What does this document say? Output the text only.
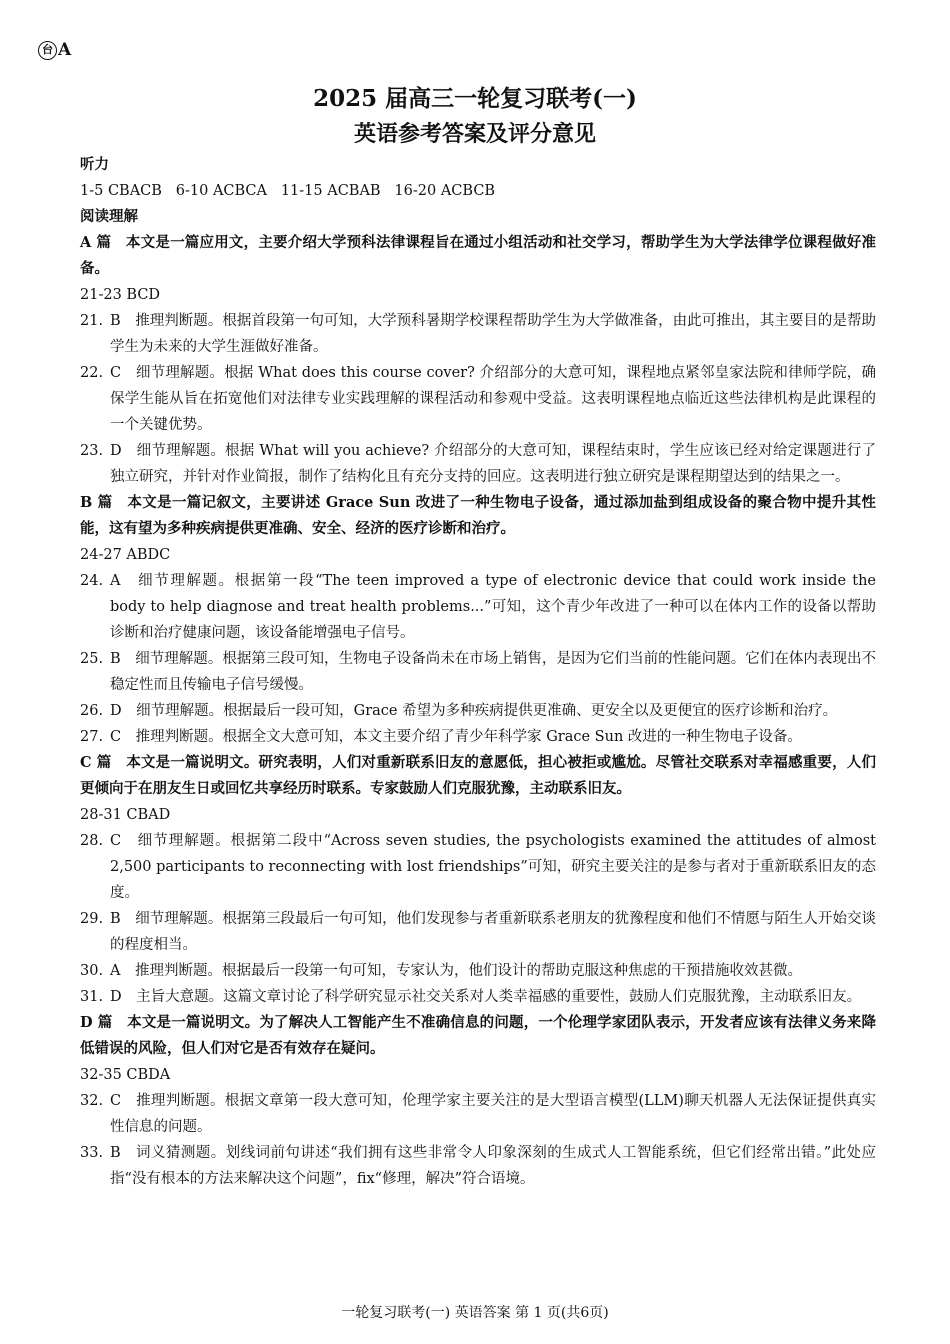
台 A
2025 届高三一轮复习联考(一)
英语参考答案及评分意见
听力
1-5 CBACB   6-10 ACBCA   11-15 ACBAB   16-20 ACBCB
阅读理解
A 篇　本文是一篇应用文，主要介绍大学预科法律课程旨在通过小组活动和社交学习，帮助学生为大学法律学位课程做好准备。
21-23 BCD
21. B　推理判断题。根据首段第一句可知，大学预科暑期学校课程帮助学生为大学做准备，由此可推出，其主要目的是帮助学生为未来的大学生涯做好准备。
22. C　细节理解题。根据 What does this course cover? 介绍部分的大意可知，课程地点紧邻皇家法院和律师学院，确保学生能从旨在拓宽他们对法律专业实践理解的课程活动和参观中受益。这表明课程地点临近这些法律机构是此课程的一个关键优势。
23. D　细节理解题。根据 What will you achieve? 介绍部分的大意可知，课程结束时，学生应该已经对给定课题进行了独立研究，并针对作业简报，制作了结构化且有充分支持的回应。这表明进行独立研究是课程期望达到的结果之一。
B 篇　本文是一篇记叙文，主要讲述 Grace Sun 改进了一种生物电子设备，通过添加盐到组成设备的聚合物中提升其性能，这有望为多种疾病提供更准确、安全、经济的医疗诊断和治疗。
24-27 ABDC
24. A　细节理解题。根据第一段“The teen improved a type of electronic device that could work inside the body to help diagnose and treat health problems...”可知，这个青少年改进了一种可以在体内工作的设备以帮助诊断和治疗健康问题，该设备能增强电子信号。
25. B　细节理解题。根据第三段可知，生物电子设备尚未在市场上销售，是因为它们当前的性能问题。它们在体内表现出不稳定性而且传输电子信号缓慢。
26. D　细节理解题。根据最后一段可知，Grace 希望为多种疾病提供更准确、更安全以及更便宜的医疗诊断和治疗。
27. C　推理判断题。根据全文大意可知，本文主要介绍了青少年科学家 Grace Sun 改进的一种生物电子设备。
C 篇　本文是一篇说明文。研究表明，人们对重新联系旧友的意愿低，担心被拒或尴尬。尽管社交联系对幸福感重要，人们更倾向于在朋友生日或回忆共享经历时联系。专家鼓励人们克服犹豫，主动联系旧友。
28-31 CBAD
28. C　细节理解题。根据第二段中“Across seven studies, the psychologists examined the attitudes of almost 2,500 participants to reconnecting with lost friendships”可知，研究主要关注的是参与者对于重新联系旧友的态度。
29. B　细节理解题。根据第三段最后一句可知，他们发现参与者重新联系老朋友的犹豫程度和他们不情愿与陌生人开始交谈的程度相当。
30. A　推理判断题。根据最后一段第一句可知，专家认为，他们设计的帮助克服这种焦虑的干预措施收效甚微。
31. D　主旨大意题。这篇文章讨论了科学研究显示社交关系对人类幸福感的重要性，鼓励人们克服犹豫，主动联系旧友。
D 篇　本文是一篇说明文。为了解决人工智能产生不准确信息的问题，一个伦理学家团队表示，开发者应该有法律义务来降低错误的风险，但人们对它是否有效存在疑问。
32-35 CBDA
32. C　推理判断题。根据文章第一段大意可知，伦理学家主要关注的是大型语言模型(LLM)聊天机器人无法保证提供真实性信息的问题。
33. B　词义猜测题。划线词前句讲述“我们拥有这些非常令人印象深刻的生成式人工智能系统，但它们经常出错。”此处应指“没有根本的方法来解决这个问题”，fix“修理，解决”符合语境。
一轮复习联考(一) 英语答案 第 1 页(共6页)
